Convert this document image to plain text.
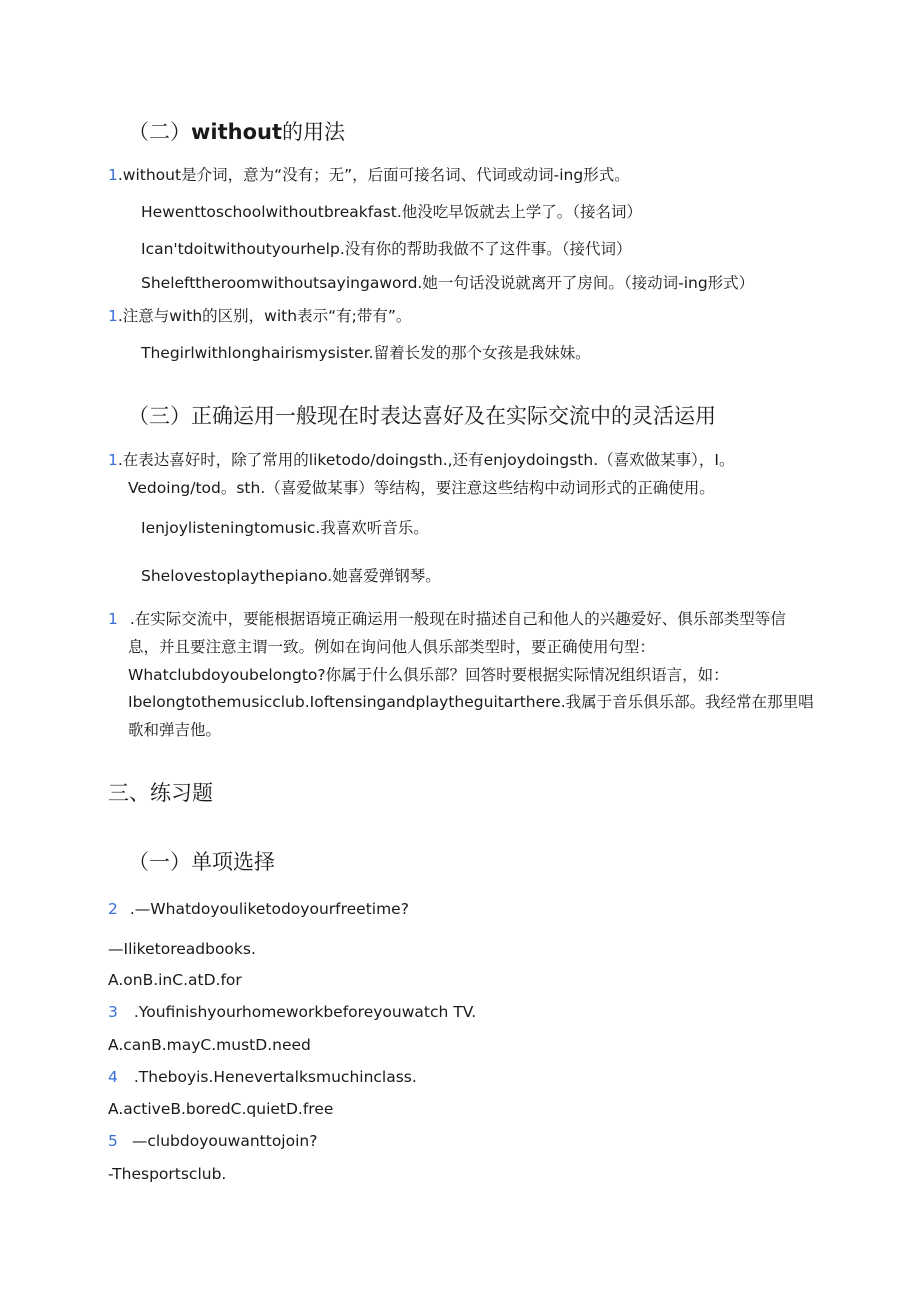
（二）without的用法
1.without是介词，意为“没有；无”，后面可接名词、代词或动词-ing形式。
Hewenttoschoolwithoutbreakfast.他没吃早饭就去上学了。（接名词）
Ican'tdoitwithoutyourhelp.没有你的帮助我做不了这件事。（接代词）
Shelefttheroomwithoutsayingaword.她一句话没说就离开了房间。（接动词-ing形式）
1.注意与with的区别，with表示“有;带有”。
Thegirlwithlonghairismysister.留着长发的那个女孩是我妹妹。
（三）正确运用一般现在时表达喜好及在实际交流中的灵活运用
1.在表达喜好时，除了常用的liketodo/doingsth.,还有enjoydoingsth.（喜欢做某事），I。
Vedoing/tod。sth.（喜爱做某事）等结构，要注意这些结构中动词形式的正确使用。
Ienjoylisteningtomusic.我喜欢听音乐。
Shelovestoplaythepiano.她喜爱弹钢琴。
1 .在实际交流中，要能根据语境正确运用一般现在时描述自己和他人的兴趣爱好、俱乐部类型等信
息，并且要注意主谓一致。例如在询问他人俱乐部类型时，要正确使用句型：
Whatclubdoyoubelongto?你属于什么俱乐部？回答时要根据实际情况组织语言，如：
Ibelongtothemusicclub.Ioftensingandplaytheguitarthere.我属于音乐俱乐部。我经常在那里唱
歌和弹吉他。
三、练习题
（一）单项选择
2 .—Whatdoyouliketodoyourfreetime?
—Iliketoreadbooks.
A.onB.inC.atD.for
3 .Youfinishyourhomeworkbeforeyouwatch TV.
A.canB.mayC.mustD.need
4 .Theboyis.Henevertalksmuchinclass.
A.activeB.boredC.quietD.free
5 —clubdoyouwanttojoin?
-Thesportsclub.
